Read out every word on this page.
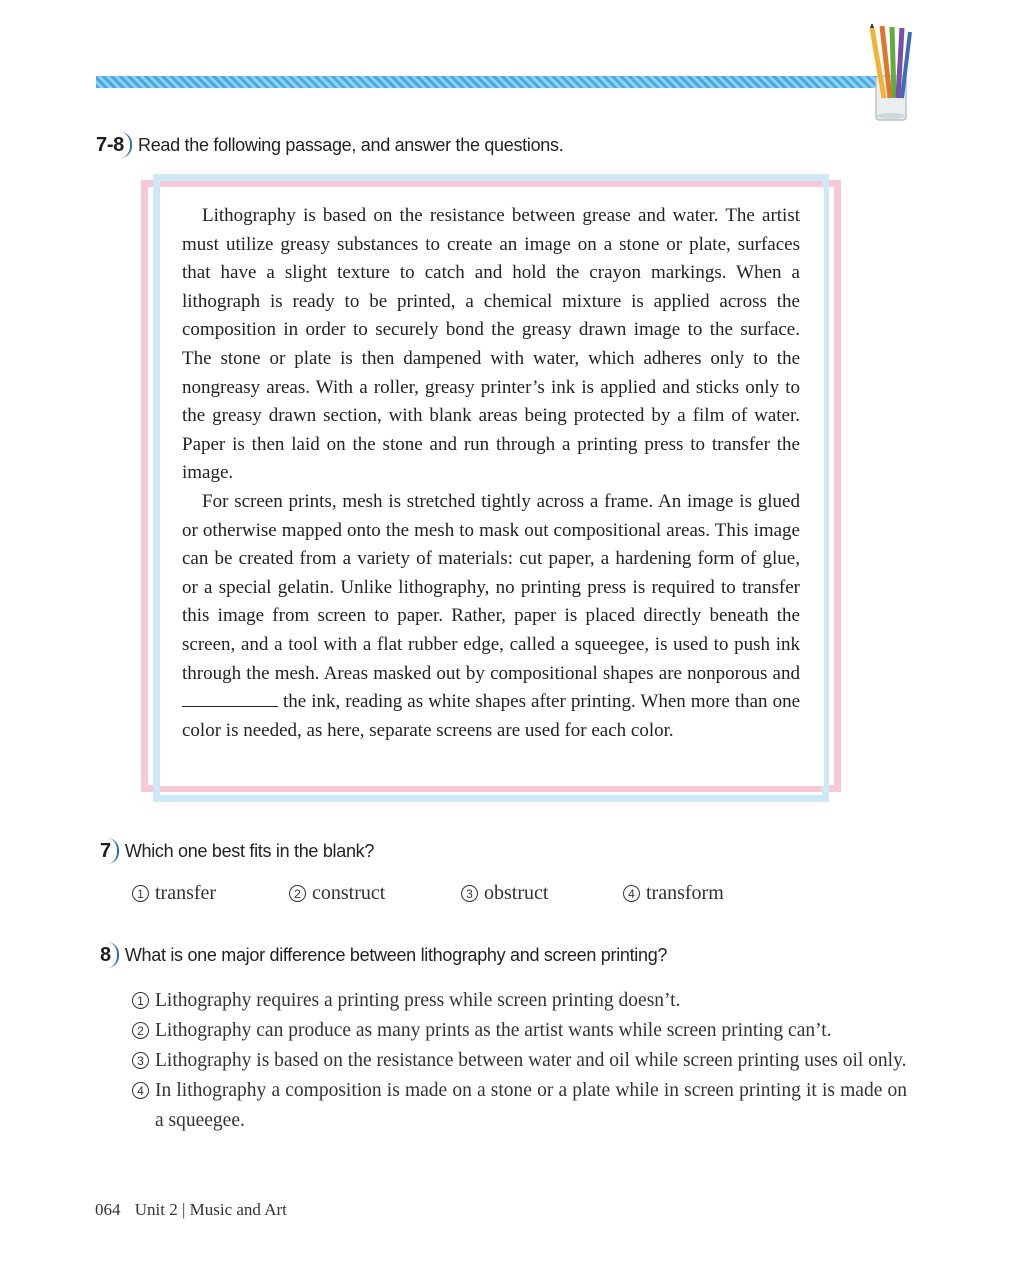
7-8 Read the following passage, and answer the questions.

Lithography is based on the resistance between grease and water. The artist must utilize greasy substances to create an image on a stone or plate, surfaces that have a slight texture to catch and hold the crayon markings. When a lithograph is ready to be printed, a chemical mixture is applied across the composition in order to securely bond the greasy drawn image to the surface. The stone or plate is then dampened with water, which adheres only to the nongreasy areas. With a roller, greasy printer’s ink is applied and sticks only to the greasy drawn section, with blank areas being protected by a film of water. Paper is then laid on the stone and run through a printing press to transfer the image.

For screen prints, mesh is stretched tightly across a frame. An image is glued or otherwise mapped onto the mesh to mask out compositional areas. This image can be created from a variety of materials: cut paper, a hardening form of glue, or a special gelatin. Unlike lithography, no printing press is required to transfer this image from screen to paper. Rather, paper is placed directly beneath the screen, and a tool with a flat rubber edge, called a squeegee, is used to push ink through the mesh. Areas masked out by compositional shapes are nonporous and  the ink, reading as white shapes after printing. When more than one color is needed, as here, separate screens are used for each color.

7 Which one best fits in the blank?
1 transfer	2 construct	3 obstruct	4 transform
8 What is one major difference between lithography and screen printing?
1 Lithography requires a printing press while screen printing doesn’t.
2 Lithography can produce as many prints as the artist wants while screen printing can’t.
3 Lithography is based on the resistance between water and oil while screen printing uses oil only.
4 In lithography a composition is made on a stone or a plate while in screen printing it is made on a squeegee.
064 Unit 2 | Music and Art
